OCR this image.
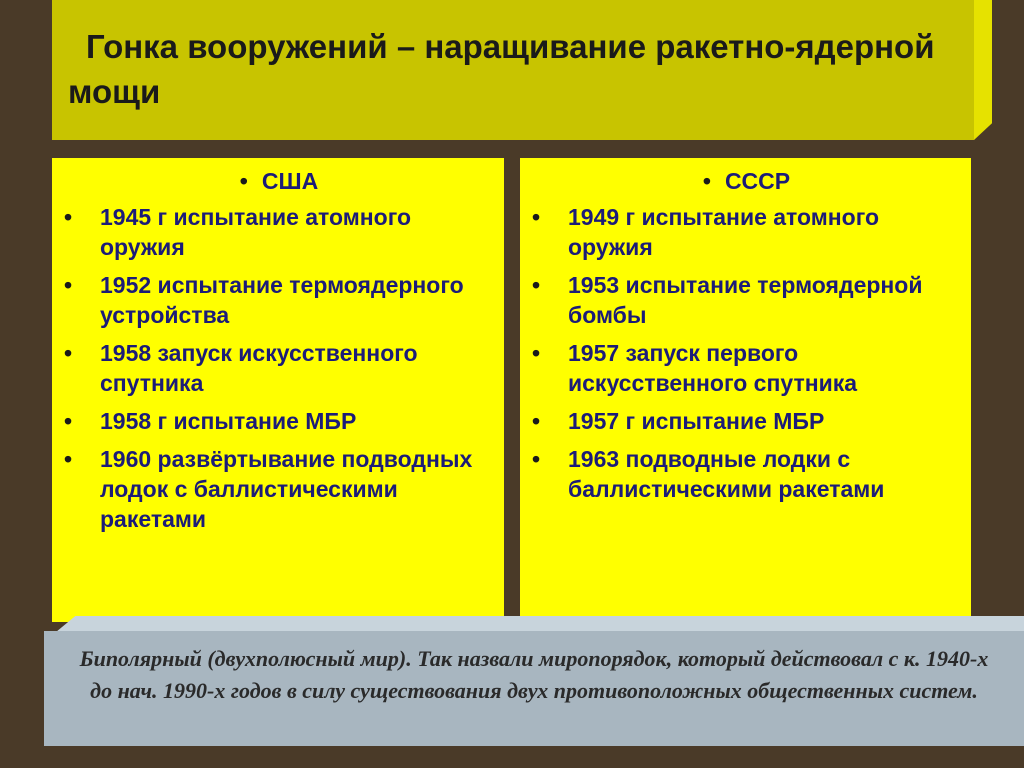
Гонка вооружений – наращивание ракетно-ядерной мощи
• США
• 1945 г испытание атомного оружия
• 1952 испытание термоядерного устройства
• 1958 запуск искусственного спутника
• 1958 г испытание МБР
• 1960 развёртывание подводных лодок с баллистическими ракетами
• СССР
• 1949 г испытание атомного оружия
• 1953 испытание термоядерной бомбы
• 1957 запуск первого искусственного спутника
• 1957 г испытание МБР
• 1963 подводные лодки с баллистическими ракетами
Биполярный (двухполюсный мир). Так назвали миропорядок, который действовал с к. 1940-х до нач. 1990-х годов в силу существования двух противоположных общественных систем.
